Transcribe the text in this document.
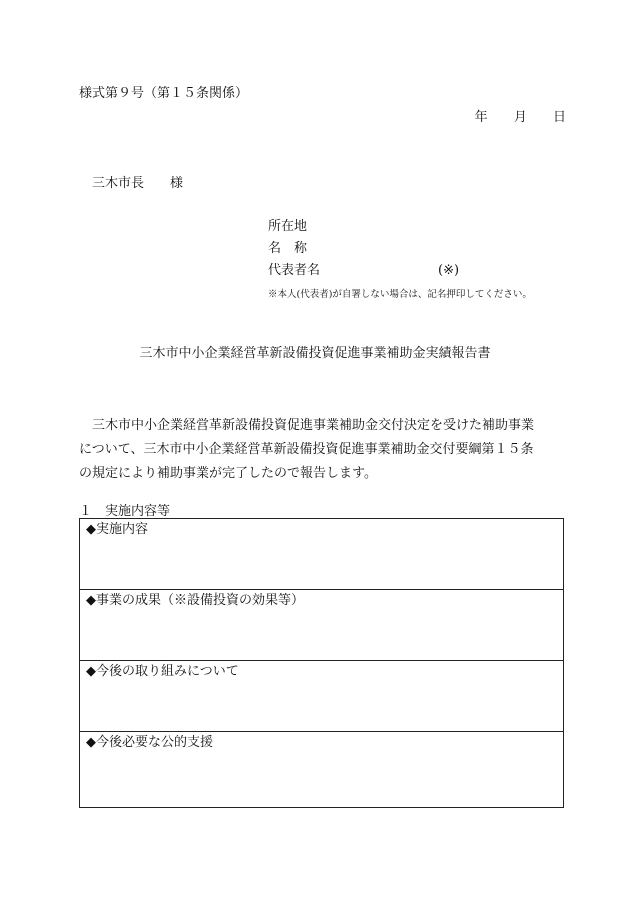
様式第９号（第１５条関係）
年 月 日
三木市長 様
所在地
名　称
代表者名	(※)
※本人(代表者)が自署しない場合は、記名押印してください。
三木市中小企業経営革新設備投資促進事業補助金実績報告書

　三木市中小企業経営革新設備投資促進事業補助金交付決定を受けた補助事業

について、三木市中小企業経営革新設備投資促進事業補助金交付要綱第１５条

の規定により補助事業が完了したので報告します。

１ 実施内容等
◆実施内容
◆事業の成果（※設備投資の効果等）
◆今後の取り組みについて
◆今後必要な公的支援
